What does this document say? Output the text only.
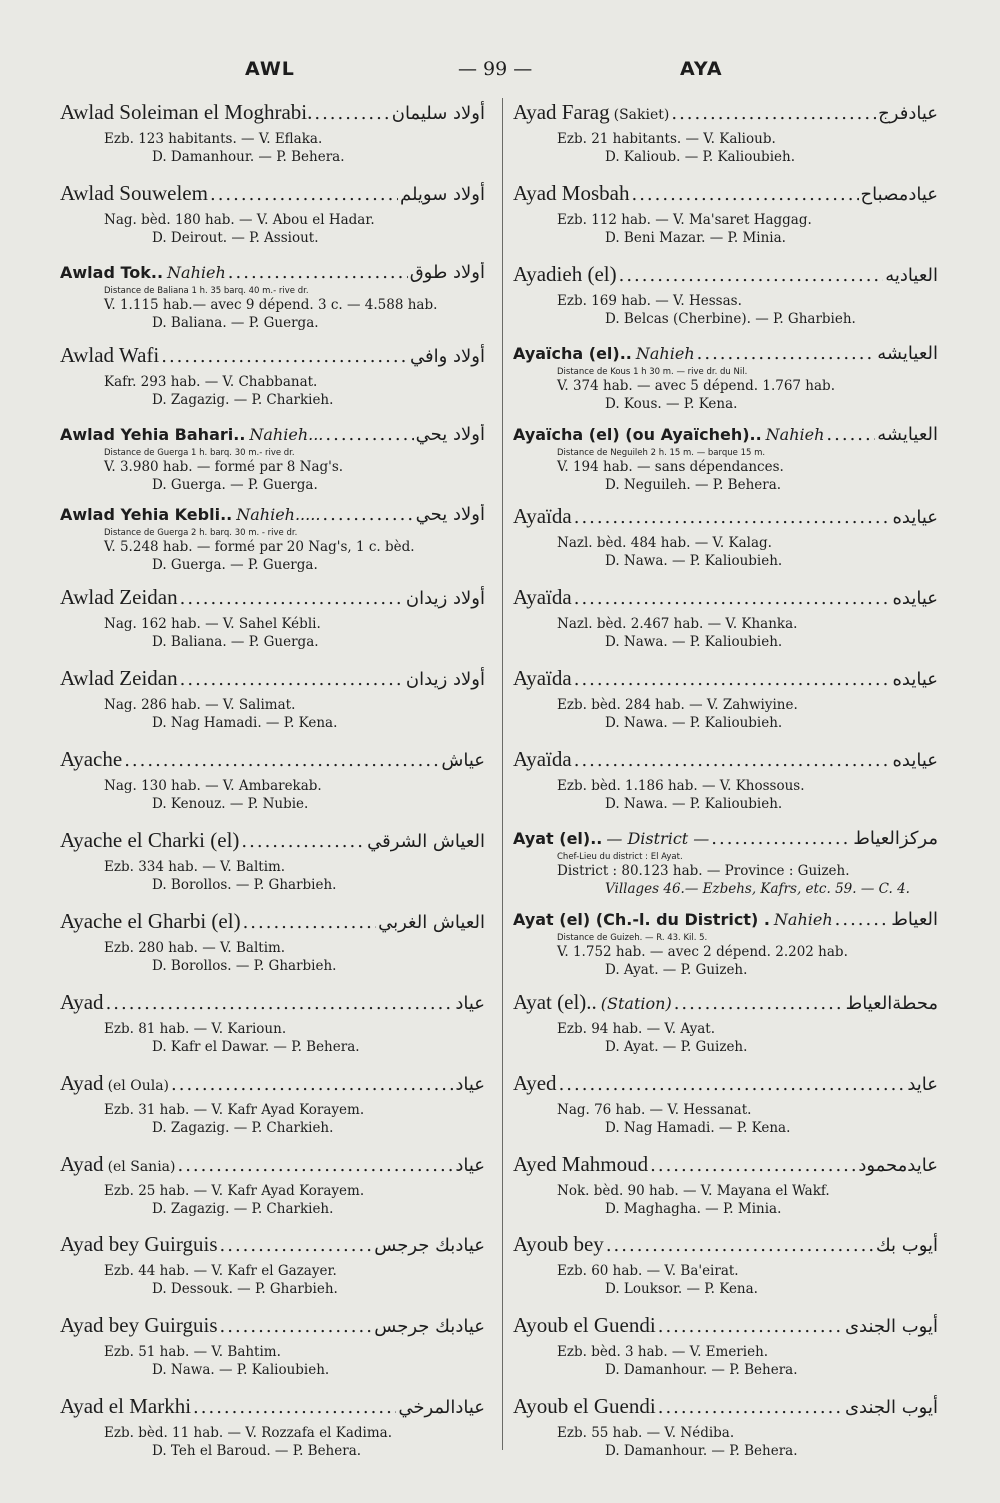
AWL	— 99 —	AYA
Awlad Soleiman el Moghrabi. .....	أولاد سليمان
Ezb. 123 habitants. — V. Eflaka.
D. Damanhour. — P. Behera.
Awlad Souwelem .....	أولاد سويلم
Nag. bèd. 180 hab. — V. Abou el Hadar.
D. Deirout. — P. Assiout.
Awlad Tok.. Nahieh .....	أولاد طوق
Distance de Baliana 1 h. 35 barq. 40 m.- rive dr.
V. 1.115 hab.— avec 9 dépend. 3 c. — 4.588 hab.
D. Baliana. — P. Guerga.
Awlad Wafi .....	أولاد وافي
Kafr. 293 hab. — V. Chabbanat.
D. Zagazig. — P. Charkieh.
Awlad Yehia Bahari.. Nahieh... .....	أولاد يحي
Distance de Guerga 1 h. barq. 30 m.- rive dr.
V. 3.980 hab. — formé par 8 Nag's.
D. Guerga. — P. Guerga.
Awlad Yehia Kebli.. Nahieh..... .....	أولاد يحي
Distance de Guerga 2 h. barq. 30 m. - rive dr.
V. 5.248 hab. — formé par 20 Nag's, 1 c. bèd.
D. Guerga. — P. Guerga.
Awlad Zeidan .....	أولاد زيدان
Nag. 162 hab. — V. Sahel Kébli.
D. Baliana. — P. Guerga.
Awlad Zeidan .....	أولاد زيدان
Nag. 286 hab. — V. Salimat.
D. Nag Hamadi. — P. Kena.
Ayache .....	عياش
Nag. 130 hab. — V. Ambarekab.
D. Kenouz. — P. Nubie.
Ayache el Charki (el) .....	العياش الشرقي
Ezb. 334 hab. — V. Baltim.
D. Borollos. — P. Gharbieh.
Ayache el Gharbi (el) .....	العياش الغربي
Ezb. 280 hab. — V. Baltim.
D. Borollos. — P. Gharbieh.
Ayad .....	عياد
Ezb. 81 hab. — V. Karioun.
D. Kafr el Dawar. — P. Behera.
Ayad (el Oula) .....	عياد
Ezb. 31 hab. — V. Kafr Ayad Korayem.
D. Zagazig. — P. Charkieh.
Ayad (el Sania) .....	عياد
Ezb. 25 hab. — V. Kafr Ayad Korayem.
D. Zagazig. — P. Charkieh.
Ayad bey Guirguis .....	عيادبك جرجس
Ezb. 44 hab. — V. Kafr el Gazayer.
D. Dessouk. — P. Gharbieh.
Ayad bey Guirguis .....	عيادبك جرجس
Ezb. 51 hab. — V. Bahtim.
D. Nawa. — P. Kalioubieh.
Ayad el Markhi .....	عيادالمرخي
Ezb. bèd. 11 hab. — V. Rozzafa el Kadima.
D. Teh el Baroud. — P. Behera.
Ayad Farag (Sakiet) .....	عيادفرج
Ezb. 21 habitants. — V. Kalioub.
D. Kalioub. — P. Kalioubieh.
Ayad Mosbah .....	عيادمصباح
Ezb. 112 hab. — V. Ma'saret Haggag.
D. Beni Mazar. — P. Minia.
Ayadieh (el) .....	العياديه
Ezb. 169 hab. — V. Hessas.
D. Belcas (Cherbine). — P. Gharbieh.
Ayaïcha (el).. Nahieh .....	العيايشه
Distance de Kous 1 h 30 m. — rive dr. du Nil.
V. 374 hab. — avec 5 dépend. 1.767 hab.
D. Kous. — P. Kena.
Ayaïcha (el) (ou Ayaïcheh).. Nahieh .....	العيايشه
Distance de Neguileh 2 h. 15 m. — barque 15 m.
V. 194 hab. — sans dépendances.
D. Neguileh. — P. Behera.
Ayaïda .....	عيايده
Nazl. bèd. 484 hab. — V. Kalag.
D. Nawa. — P. Kalioubieh.
Ayaïda .....	عيايده
Nazl. bèd. 2.467 hab. — V. Khanka.
D. Nawa. — P. Kalioubieh.
Ayaïda .....	عيايده
Ezb. bèd. 284 hab. — V. Zahwiyine.
D. Nawa. — P. Kalioubieh.
Ayaïda .....	عيايده
Ezb. bèd. 1.186 hab. — V. Khossous.
D. Nawa. — P. Kalioubieh.
Ayat (el).. — District — .....	مركزالعياط
Chef-Lieu du district : El Ayat.
District : 80.123 hab. — Province : Guizeh.
Villages 46.— Ezbehs, Kafrs, etc. 59. — C. 4.
Ayat (el) (Ch.-l. du District) . Nahieh .....	العياط
Distance de Guizeh. — R. 43. Kil. 5.
V. 1.752 hab. — avec 2 dépend. 2.202 hab.
D. Ayat. — P. Guizeh.
Ayat (el).. (Station) .....	محطةالعياط
Ezb. 94 hab. — V. Ayat.
D. Ayat. — P. Guizeh.
Ayed .....	عايد
Nag. 76 hab. — V. Hessanat.
D. Nag Hamadi. — P. Kena.
Ayed Mahmoud .....	عايدمحمود
Nok. bèd. 90 hab. — V. Mayana el Wakf.
D. Maghagha. — P. Minia.
Ayoub bey .....	أيوب بك
Ezb. 60 hab. — V. Ba'eirat.
D. Louksor. — P. Kena.
Ayoub el Guendi .....	أيوب الجندى
Ezb. bèd. 3 hab. — V. Emerieh.
D. Damanhour. — P. Behera.
Ayoub el Guendi .....	أيوب الجندى
Ezb. 55 hab. — V. Nédiba.
D. Damanhour. — P. Behera.
